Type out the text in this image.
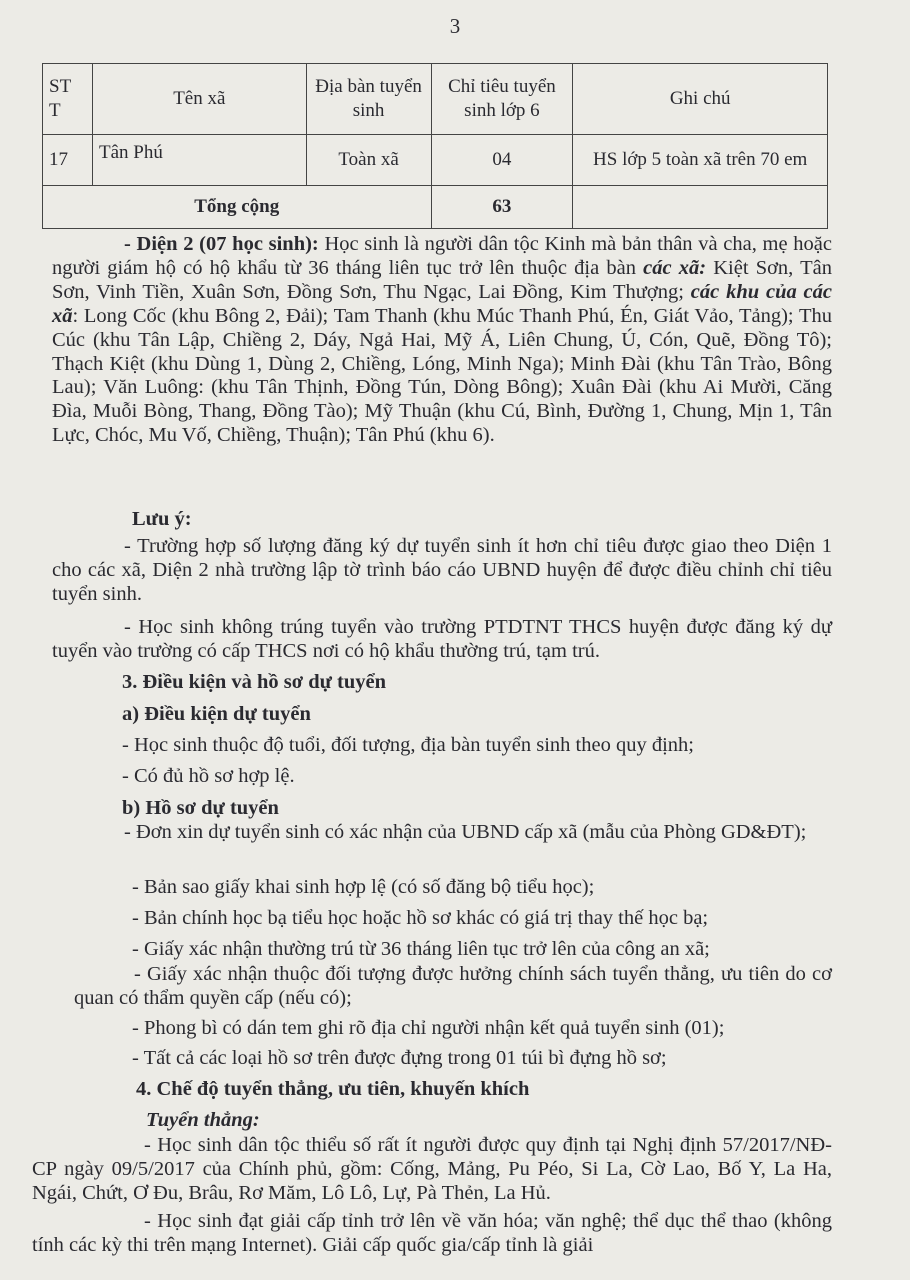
3
ST T	Tên xã	Địa bàn tuyển sinh	Chỉ tiêu tuyển sinh lớp 6	Ghi chú
17	Tân Phú	Toàn xã	04	HS lớp 5 toàn xã trên 70 em
Tổng cộng			63	

- Diện 2 (07 học sinh): Học sinh là người dân tộc Kinh mà bản thân và cha, mẹ hoặc người giám hộ có hộ khẩu từ 36 tháng liên tục trở lên thuộc địa bàn các xã: Kiệt Sơn, Tân Sơn, Vinh Tiền, Xuân Sơn, Đồng Sơn, Thu Ngạc, Lai Đồng, Kim Thượng; các khu của các xã: Long Cốc (khu Bông 2, Đải); Tam Thanh (khu Múc Thanh Phú, Én, Giát Vảo, Tảng); Thu Cúc (khu Tân Lập, Chiềng 2, Dáy, Ngả Hai, Mỹ Á, Liên Chung, Ú, Cón, Quẽ, Đồng Tô); Thạch Kiệt (khu Dùng 1, Dùng 2, Chiềng, Lóng, Minh Nga); Minh Đài (khu Tân Trào, Bông Lau); Văn Luông: (khu Tân Thịnh, Đồng Tún, Dòng Bông); Xuân Đài (khu Ai Mười, Căng Đìa, Muỗi Bòng, Thang, Đồng Tào); Mỹ Thuận (khu Cú, Bình, Đường 1, Chung, Mịn 1, Tân Lực, Chóc, Mu Vố, Chiềng, Thuận); Tân Phú (khu 6).

Lưu ý:

- Trường hợp số lượng đăng ký dự tuyển sinh ít hơn chỉ tiêu được giao theo Diện 1 cho các xã, Diện 2 nhà trường lập tờ trình báo cáo UBND huyện để được điều chỉnh chỉ tiêu tuyển sinh.

- Học sinh không trúng tuyển vào trường PTDTNT THCS huyện được đăng ký dự tuyển vào trường có cấp THCS nơi có hộ khẩu thường trú, tạm trú.

3. Điều kiện và hồ sơ dự tuyển

a) Điều kiện dự tuyển

- Học sinh thuộc độ tuổi, đối tượng, địa bàn tuyển sinh theo quy định;

- Có đủ hồ sơ hợp lệ.

b) Hồ sơ dự tuyển

- Đơn xin dự tuyển sinh có xác nhận của UBND cấp xã (mẫu của Phòng GD&ĐT);

- Bản sao giấy khai sinh hợp lệ (có số đăng bộ tiểu học);

- Bản chính học bạ tiểu học hoặc hồ sơ khác có giá trị thay thế học bạ;

- Giấy xác nhận thường trú từ 36 tháng liên tục trở lên của công an xã;

- Giấy xác nhận thuộc đối tượng được hưởng chính sách tuyển thẳng, ưu tiên do cơ quan có thẩm quyền cấp (nếu có);

- Phong bì có dán tem ghi rõ địa chỉ người nhận kết quả tuyển sinh (01);

- Tất cả các loại hồ sơ trên được đựng trong 01 túi bì đựng hồ sơ;

4. Chế độ tuyển thẳng, ưu tiên, khuyến khích

Tuyển thẳng:

- Học sinh dân tộc thiểu số rất ít người được quy định tại Nghị định 57/2017/NĐ- CP ngày 09/5/2017 của Chính phủ, gồm: Cống, Mảng, Pu Péo, Si La, Cờ Lao, Bố Y, La Ha, Ngái, Chứt, Ơ Đu, Brâu, Rơ Măm, Lô Lô, Lự, Pà Thẻn, La Hủ.

- Học sinh đạt giải cấp tỉnh trở lên về văn hóa; văn nghệ; thể dục thể thao (không tính các kỳ thi trên mạng Internet). Giải cấp quốc gia/cấp tỉnh là giải
